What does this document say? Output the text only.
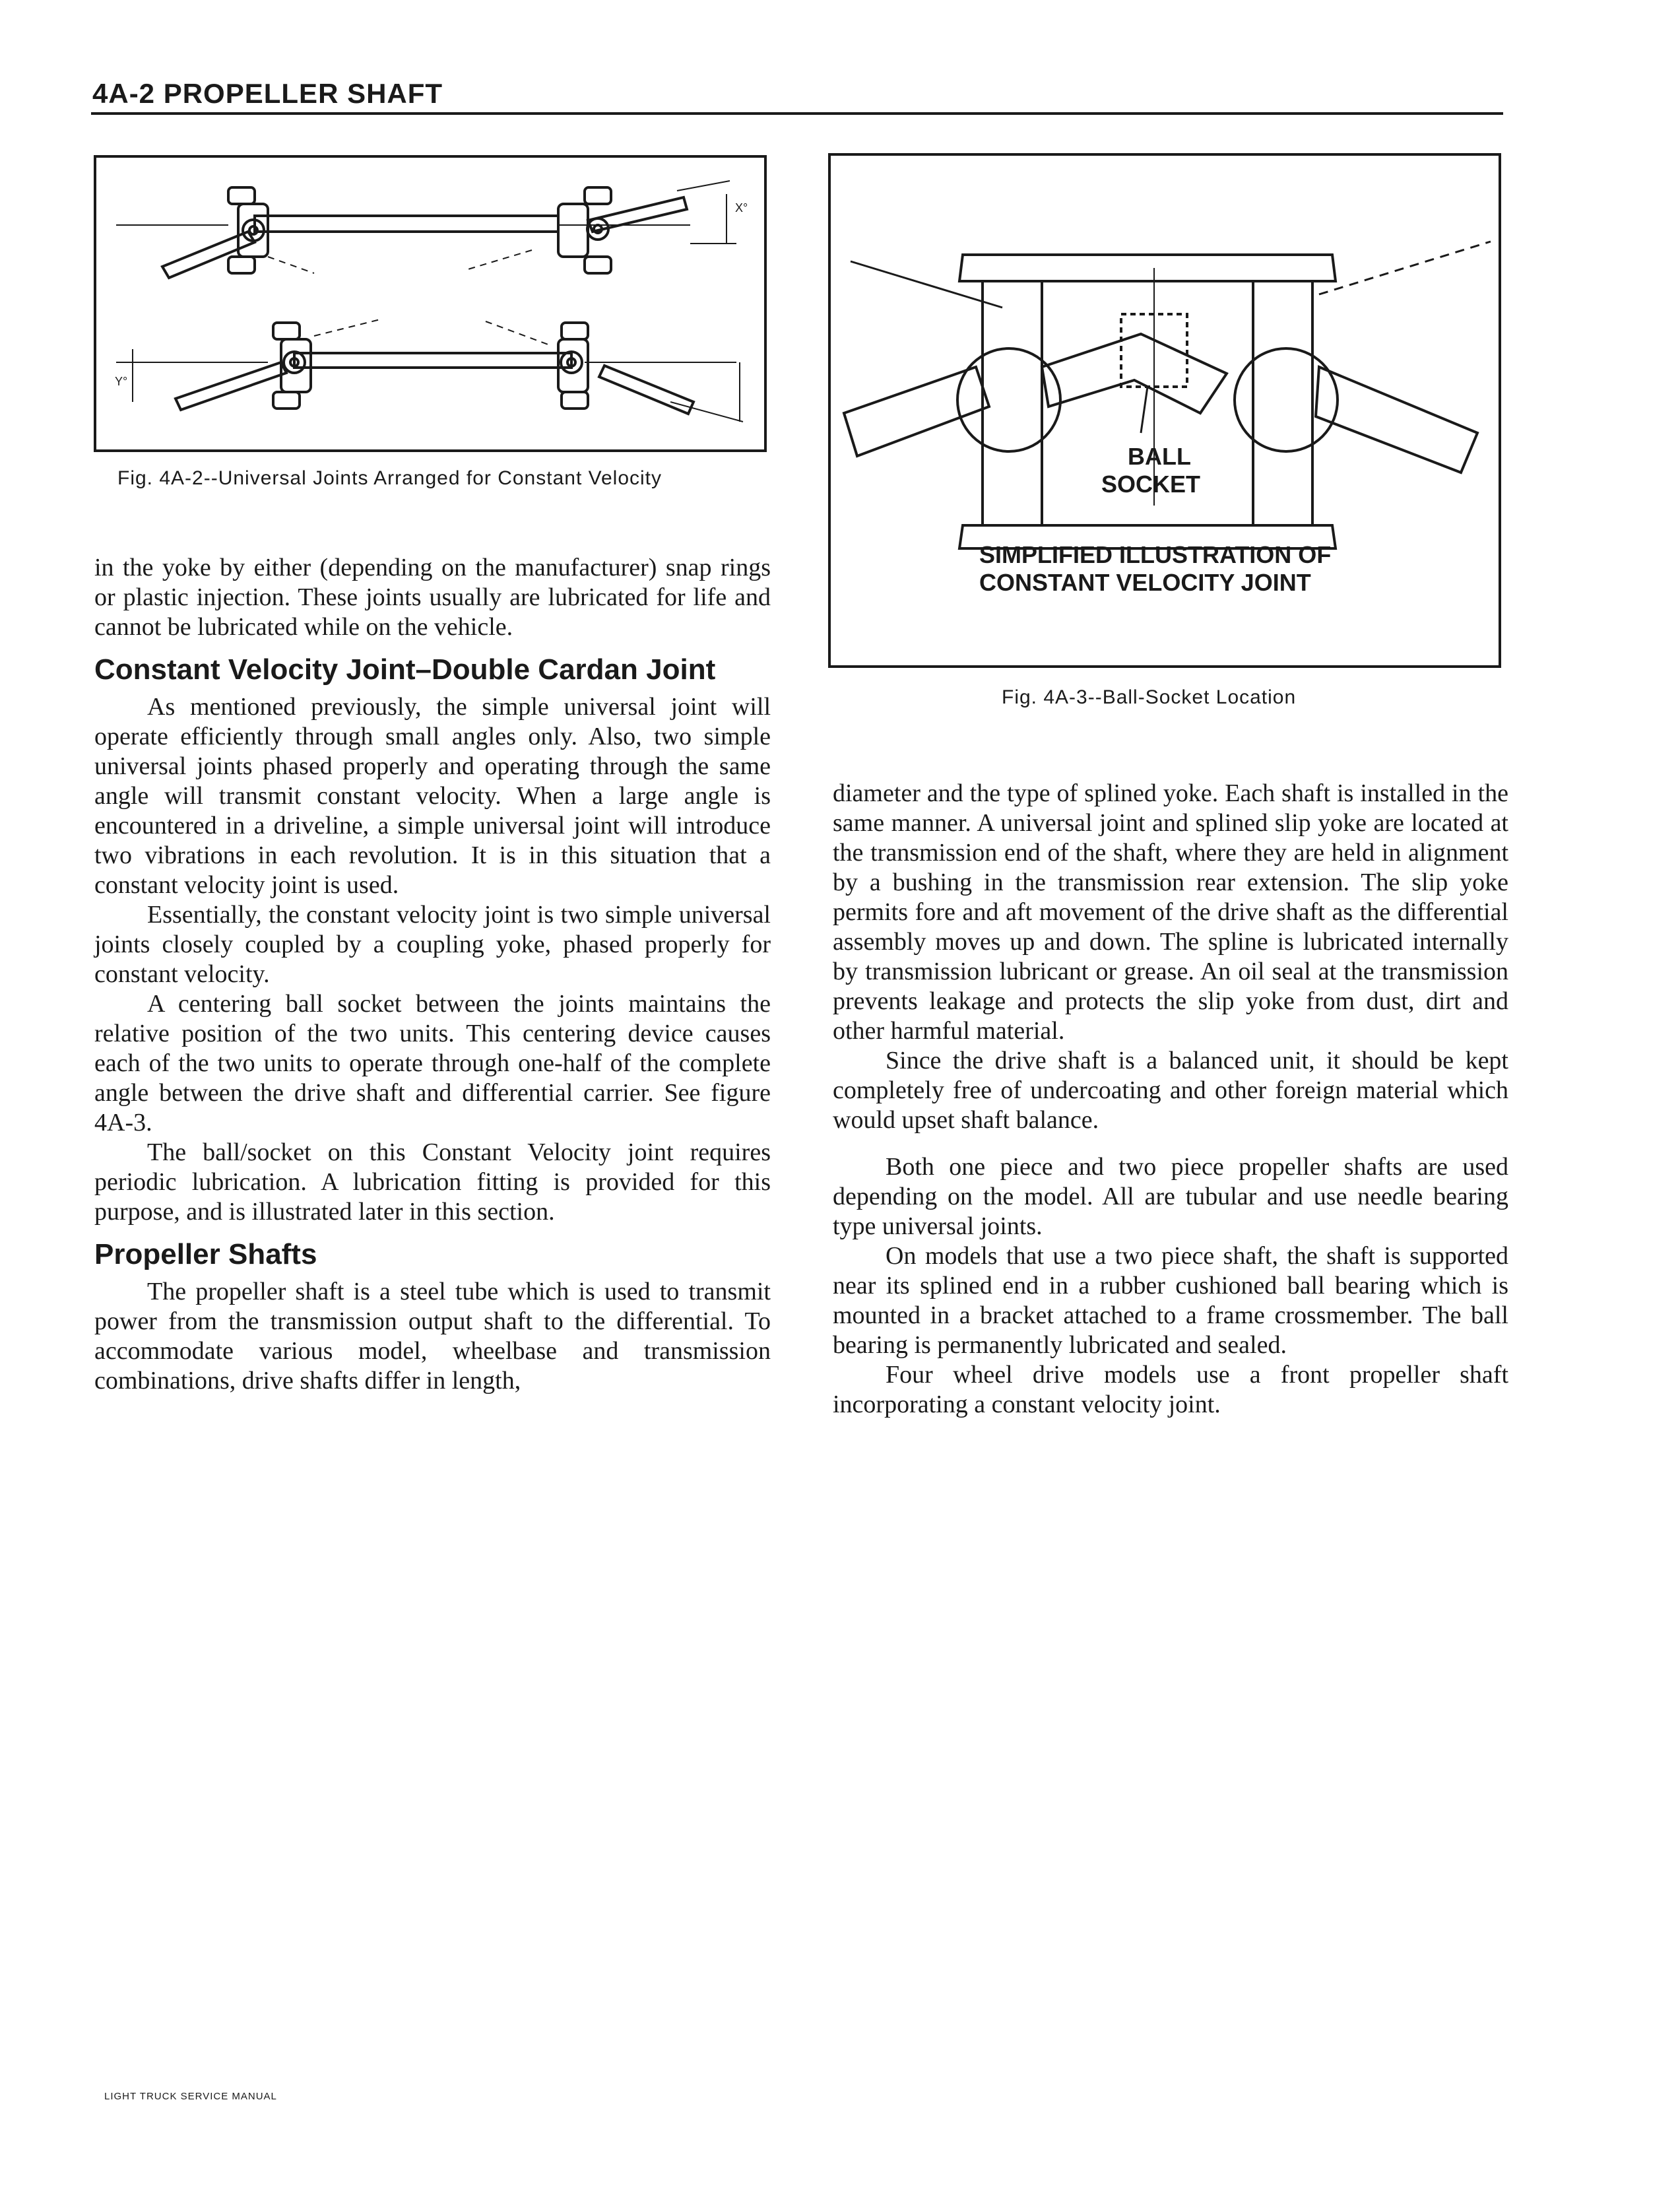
4A-2 PROPELLER SHAFT
X°
Y°
Fig. 4A-2--Universal Joints Arranged for Constant Velocity
BALL
SOCKET
SIMPLIFIED ILLUSTRATION OF
CONSTANT VELOCITY JOINT
Fig. 4A-3--Ball-Socket Location

in the yoke by either (depending on the manufacturer) snap rings or plastic injection. These joints usually are lubricated for life and cannot be lubricated while on the vehicle.

Constant Velocity Joint–Double Cardan Joint

As mentioned previously, the simple universal joint will operate efficiently through small angles only. Also, two simple universal joints phased properly and operating through the same angle will transmit constant velocity. When a large angle is encountered in a driveline, a simple universal joint will introduce two vibrations in each revolution. It is in this situation that a constant velocity joint is used.

Essentially, the constant velocity joint is two simple universal joints closely coupled by a coupling yoke, phased properly for constant velocity.

A centering ball socket between the joints maintains the relative position of the two units. This centering device causes each of the two units to operate through one-half of the complete angle between the drive shaft and differential carrier. See figure 4A-3.

The ball/socket on this Constant Velocity joint requires periodic lubrication. A lubrication fitting is provided for this purpose, and is illustrated later in this section.

Propeller Shafts

The propeller shaft is a steel tube which is used to transmit power from the transmission output shaft to the differential. To accommodate various model, wheelbase and transmission combinations, drive shafts differ in length,

diameter and the type of splined yoke. Each shaft is installed in the same manner. A universal joint and splined slip yoke are located at the transmission end of the shaft, where they are held in alignment by a bushing in the transmission rear extension. The slip yoke permits fore and aft movement of the drive shaft as the differential assembly moves up and down. The spline is lubricated internally by transmission lubricant or grease. An oil seal at the transmission prevents leakage and protects the slip yoke from dust, dirt and other harmful material.

Since the drive shaft is a balanced unit, it should be kept completely free of undercoating and other foreign material which would upset shaft balance.

Both one piece and two piece propeller shafts are used depending on the model. All are tubular and use needle bearing type universal joints.

On models that use a two piece shaft, the shaft is supported near its splined end in a rubber cushioned ball bearing which is mounted in a bracket attached to a frame crossmember. The ball bearing is permanently lubricated and sealed.

Four wheel drive models use a front propeller shaft incorporating a constant velocity joint.

LIGHT TRUCK SERVICE MANUAL
